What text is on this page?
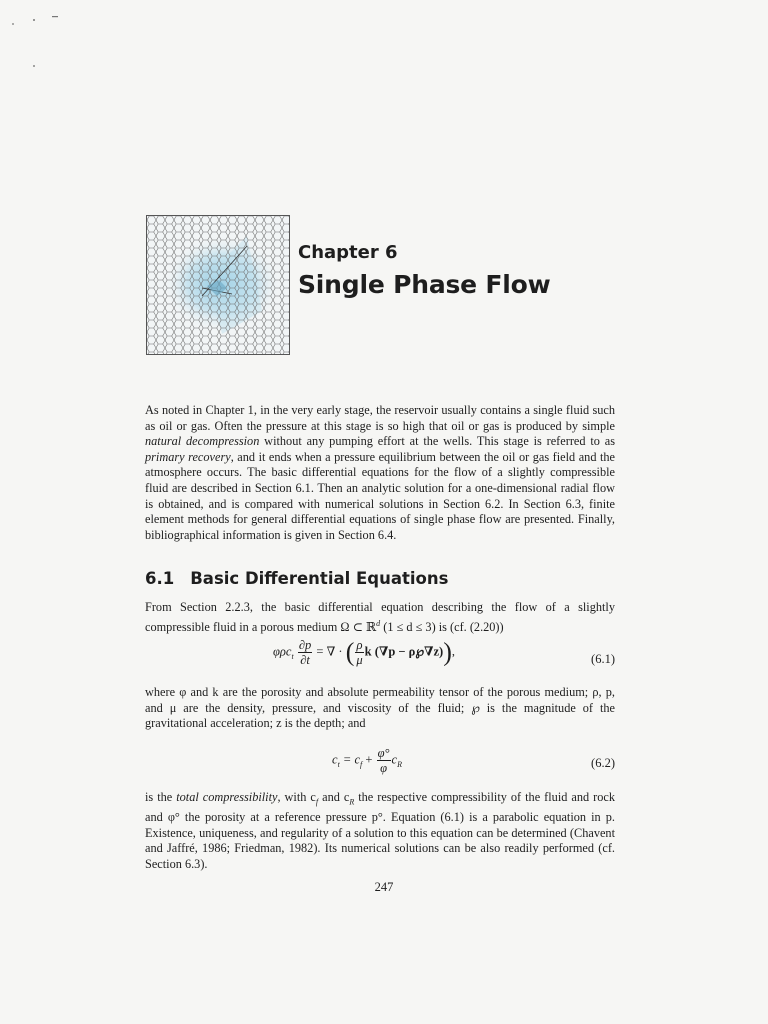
Chapter 6
Single Phase Flow
As noted in Chapter 1, in the very early stage, the reservoir usually contains a single fluid such as oil or gas. Often the pressure at this stage is so high that oil or gas is produced by simple natural decompression without any pumping effort at the wells. This stage is referred to as primary recovery, and it ends when a pressure equilibrium between the oil or gas field and the atmosphere occurs. The basic differential equations for the flow of a slightly compressible fluid are described in Section 6.1. Then an analytic solution for a one-dimensional radial flow is obtained, and is compared with numerical solutions in Section 6.2. In Section 6.3, finite element methods for general differential equations of single phase flow are presented. Finally, bibliographical information is given in Section 6.4.
6.1 Basic Differential Equations
From Section 2.2.3, the basic differential equation describing the flow of a slightly compressible fluid in a porous medium Ω ⊂ ℝ$^d$ (1 ≤ d ≤ 3) is (cf. (2.20))
$\varphi\rho c_t \frac{\partial p}{\partial t}$ = ∇ · ( $\frac{\rho}{\mu}$ k (∇p − ρ℘∇z)),
(6.1)
where φ and k are the porosity and absolute permeability tensor of the porous medium; ρ, p, and μ are the density, pressure, and viscosity of the fluid; ℘ is the magnitude of the gravitational acceleration; z is the depth; and
$c_t = c_f + \frac{\varphi^\circ}{\varphi} c_R$	(6.2)
is the total compressibility, with $c_f$ and $c_R$ the respective compressibility of the fluid and rock and φ° the porosity at a reference pressure p°. Equation (6.1) is a parabolic equation in p. Existence, uniqueness, and regularity of a solution to this equation can be determined (Chavent and Jaffré, 1986; Friedman, 1982). Its numerical solutions can be also readily performed (cf. Section 6.3).
247
